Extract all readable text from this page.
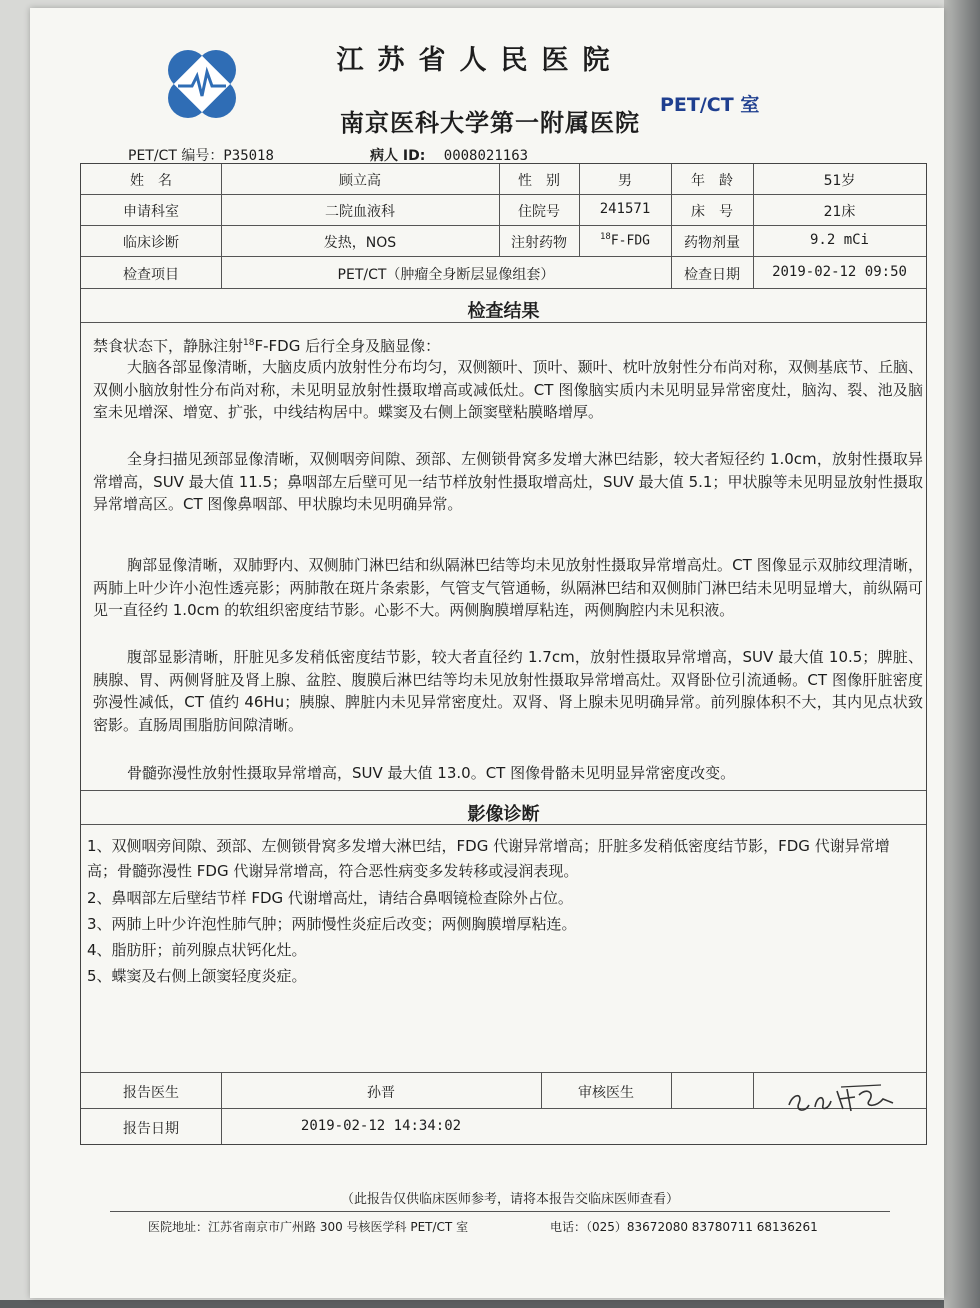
江苏省人民医院
南京医科大学第一附属医院
PET/CT 室
PET/CT 编号：P35018	病人 ID: 0008021163
姓　名	顾立高	性　别	男	年　龄	51岁
申请科室	二院血液科	住院号	241571	床　号	21床
临床诊断	发热，NOS	注射药物	$^{18}$F-FDG	药物剂量	9.2 mCi
检查项目	PET/CT（肿瘤全身断层显像组套）	检查日期	2019-02-12 09:50
检查结果

禁食状态下，静脉注射$^{18}$F-FDG 后行全身及脑显像：

大脑各部显像清晰，大脑皮质内放射性分布均匀，双侧额叶、顶叶、颞叶、枕叶放射性分布尚对称，双侧基底节、丘脑、双侧小脑放射性分布尚对称，未见明显放射性摄取增高或减低灶。CT 图像脑实质内未见明显异常密度灶，脑沟、裂、池及脑室未见增深、增宽、扩张，中线结构居中。蝶窦及右侧上颌窦壁粘膜略增厚。

全身扫描见颈部显像清晰，双侧咽旁间隙、颈部、左侧锁骨窝多发增大淋巴结影，较大者短径约 1.0cm，放射性摄取异常增高，SUV 最大值 11.5；鼻咽部左后壁可见一结节样放射性摄取增高灶，SUV 最大值 5.1；甲状腺等未见明显放射性摄取异常增高区。CT 图像鼻咽部、甲状腺均未见明确异常。

胸部显像清晰，双肺野内、双侧肺门淋巴结和纵隔淋巴结等均未见放射性摄取异常增高灶。CT 图像显示双肺纹理清晰，两肺上叶少许小泡性透亮影；两肺散在斑片条索影，气管支气管通畅，纵隔淋巴结和双侧肺门淋巴结未见明显增大，前纵隔可见一直径约 1.0cm 的软组织密度结节影。心影不大。两侧胸膜增厚粘连，两侧胸腔内未见积液。

腹部显影清晰，肝脏见多发稍低密度结节影，较大者直径约 1.7cm，放射性摄取异常增高，SUV 最大值 10.5；脾脏、胰腺、胃、两侧肾脏及肾上腺、盆腔、腹膜后淋巴结等均未见放射性摄取异常增高灶。双肾卧位引流通畅。CT 图像肝脏密度弥漫性减低，CT 值约 46Hu；胰腺、脾脏内未见异常密度灶。双肾、肾上腺未见明确异常。前列腺体积不大，其内见点状致密影。直肠周围脂肪间隙清晰。

骨髓弥漫性放射性摄取异常增高，SUV 最大值 13.0。CT 图像骨骼未见明显异常密度改变。

影像诊断

1、双侧咽旁间隙、颈部、左侧锁骨窝多发增大淋巴结，FDG 代谢异常增高；肝脏多发稍低密度结节影，FDG 代谢异常增高；骨髓弥漫性 FDG 代谢异常增高，符合恶性病变多发转移或浸润表现。

2、鼻咽部左后壁结节样 FDG 代谢增高灶，请结合鼻咽镜检查除外占位。

3、两肺上叶少许泡性肺气肿；两肺慢性炎症后改变；两侧胸膜增厚粘连。

4、脂肪肝；前列腺点状钙化灶。

5、蝶窦及右侧上颌窦轻度炎症。

报告医生	孙晋	审核医生
报告日期	2019-02-12 14:34:02
（此报告仅供临床医师参考，请将本报告交临床医师查看）
医院地址：江苏省南京市广州路 300 号核医学科 PET/CT 室	电话：（025）83672080 83780711 68136261
